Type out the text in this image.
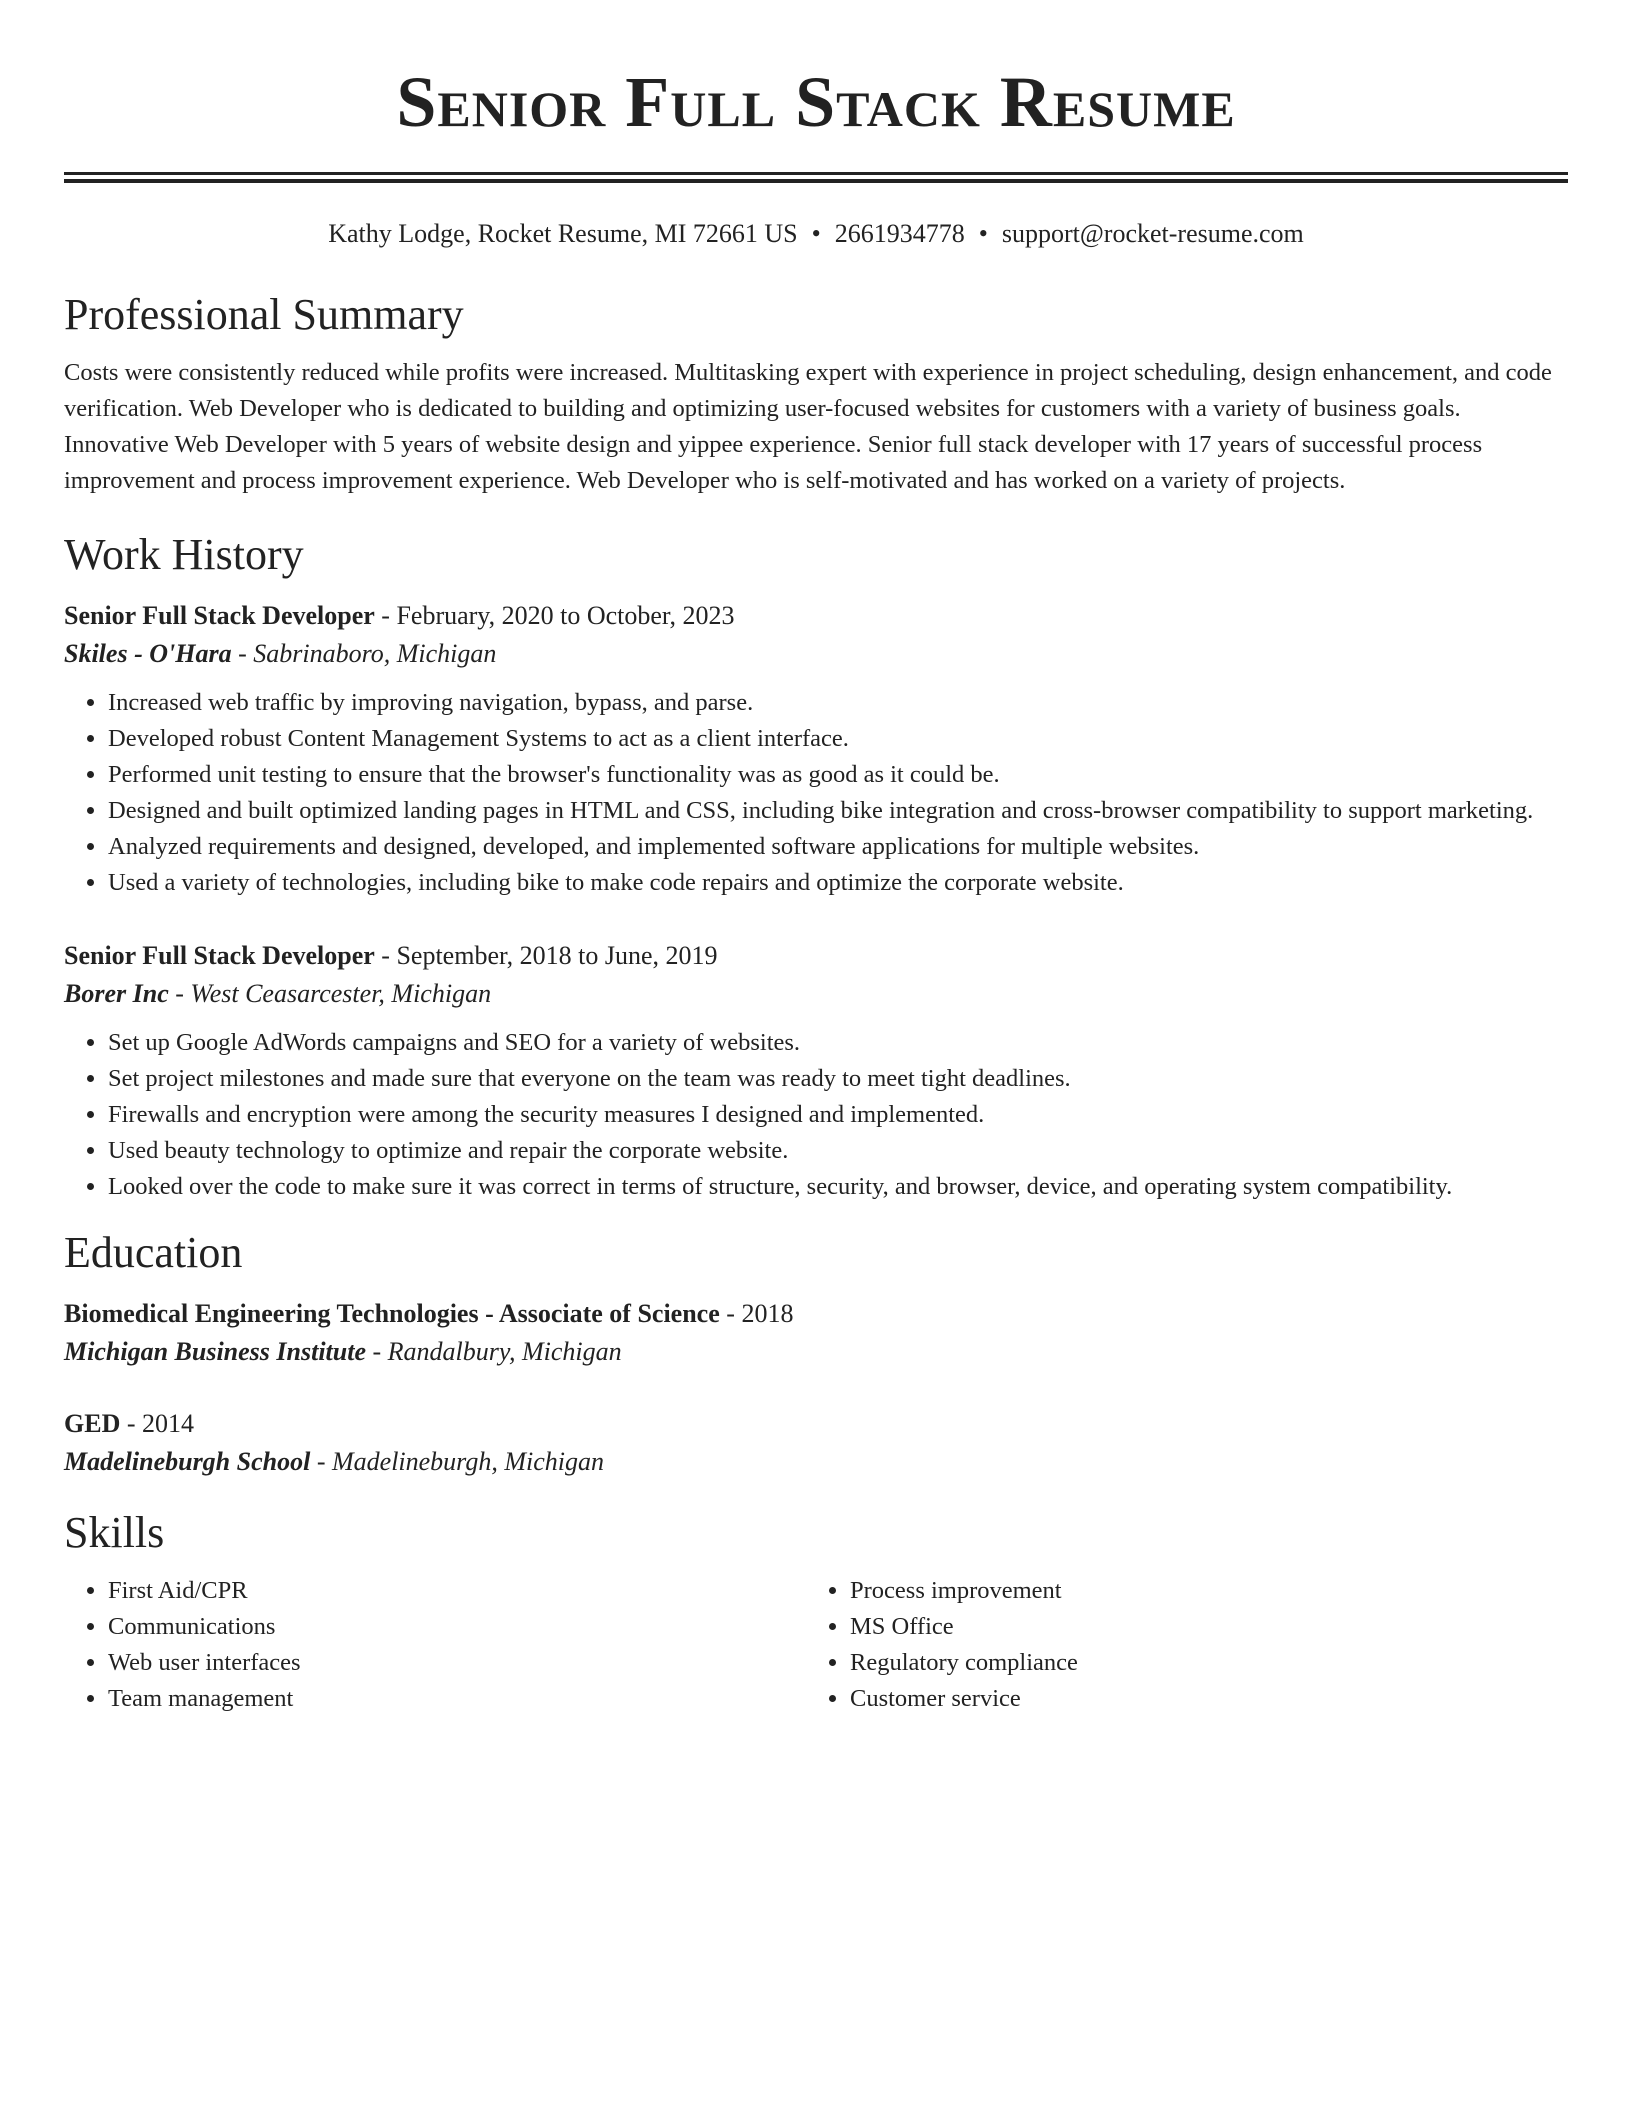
Senior Full Stack Resume
Kathy Lodge, Rocket Resume, MI 72661 US • 2661934778 • support@rocket-resume.com
Professional Summary

Costs were consistently reduced while profits were increased. Multitasking expert with experience in project scheduling, design enhancement, and code verification. Web Developer who is dedicated to building and optimizing user-focused websites for customers with a variety of business goals. Innovative Web Developer with 5 years of website design and yippee experience. Senior full stack developer with 17 years of successful process improvement and process improvement experience. Web Developer who is self-motivated and has worked on a variety of projects.

Work History
Senior Full Stack Developer - February, 2020 to October, 2023
Skiles - O'Hara - Sabrinaboro, Michigan
• Increased web traffic by improving navigation, bypass, and parse.
• Developed robust Content Management Systems to act as a client interface.
• Performed unit testing to ensure that the browser's functionality was as good as it could be.
• Designed and built optimized landing pages in HTML and CSS, including bike integration and cross-browser compatibility to support marketing.
• Analyzed requirements and designed, developed, and implemented software applications for multiple websites.
• Used a variety of technologies, including bike to make code repairs and optimize the corporate website.
Senior Full Stack Developer - September, 2018 to June, 2019
Borer Inc - West Ceasarcester, Michigan
• Set up Google AdWords campaigns and SEO for a variety of websites.
• Set project milestones and made sure that everyone on the team was ready to meet tight deadlines.
• Firewalls and encryption were among the security measures I designed and implemented.
• Used beauty technology to optimize and repair the corporate website.
• Looked over the code to make sure it was correct in terms of structure, security, and browser, device, and operating system compatibility.
Education
Biomedical Engineering Technologies - Associate of Science - 2018
Michigan Business Institute - Randalbury, Michigan
GED - 2014
Madelineburgh School - Madelineburgh, Michigan
Skills
• First Aid/CPR
• Communications
• Web user interfaces
• Team management
• Process improvement
• MS Office
• Regulatory compliance
• Customer service
